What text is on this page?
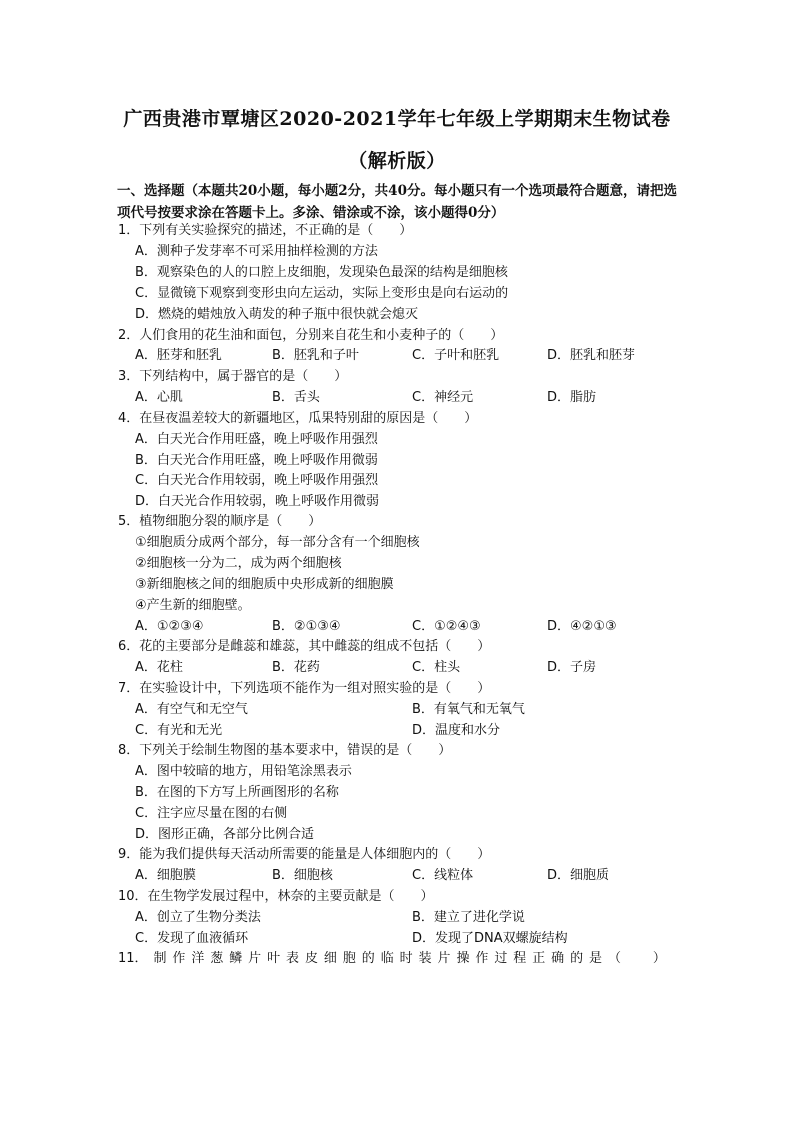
广西贵港市覃塘区2020-2021学年七年级上学期期末生物试卷
（解析版）
一、选择题（本题共20小题，每小题2分，共40分。每小题只有一个选项最符合题意，请把选项代号按要求涂在答题卡上。多涂、错涂或不涂，该小题得0分）
1．下列有关实验探究的描述，不正确的是（　　）
A．测种子发芽率不可采用抽样检测的方法
B．观察染色的人的口腔上皮细胞，发现染色最深的结构是细胞核
C．显微镜下观察到变形虫向左运动，实际上变形虫是向右运动的
D．燃烧的蜡烛放入萌发的种子瓶中很快就会熄灭
2．人们食用的花生油和面包，分别来自花生和小麦种子的（　　）
A．胚芽和胚乳	B．胚乳和子叶	C．子叶和胚乳	D．胚乳和胚芽
3．下列结构中，属于器官的是（　　）
A．心肌	B．舌头	C．神经元	D．脂肪
4．在昼夜温差较大的新疆地区，瓜果特别甜的原因是（　　）
A．白天光合作用旺盛，晚上呼吸作用强烈
B．白天光合作用旺盛，晚上呼吸作用微弱
C．白天光合作用较弱，晚上呼吸作用强烈
D．白天光合作用较弱，晚上呼吸作用微弱
5．植物细胞分裂的顺序是（　　）
①细胞质分成两个部分，每一部分含有一个细胞核
②细胞核一分为二，成为两个细胞核
③新细胞核之间的细胞质中央形成新的细胞膜
④产生新的细胞壁。
A．①②③④	B．②①③④	C．①②④③	D．④②①③
6．花的主要部分是雌蕊和雄蕊，其中雌蕊的组成不包括（　　）
A．花柱	B．花药	C．柱头	D．子房
7．在实验设计中，下列选项不能作为一组对照实验的是（　　）
A．有空气和无空气	B．有氧气和无氧气
C．有光和无光	D．温度和水分
8．下列关于绘制生物图的基本要求中，错误的是（　　）
A．图中较暗的地方，用铅笔涂黑表示
B．在图的下方写上所画图形的名称
C．注字应尽量在图的右侧
D．图形正确，各部分比例合适
9．能为我们提供每天活动所需要的能量是人体细胞内的（　　）
A．细胞膜	B．细胞核	C．线粒体	D．细胞质
10．在生物学发展过程中，林奈的主要贡献是（　　）
A．创立了生物分类法	B．建立了进化学说
C．发现了血液循环	D．发现了DNA双螺旋结构
11． 制 作 洋 葱 鳞 片 叶 表 皮 细 胞 的 临 时 装 片 操 作 过 程 正 确 的 是 （ 　　）
